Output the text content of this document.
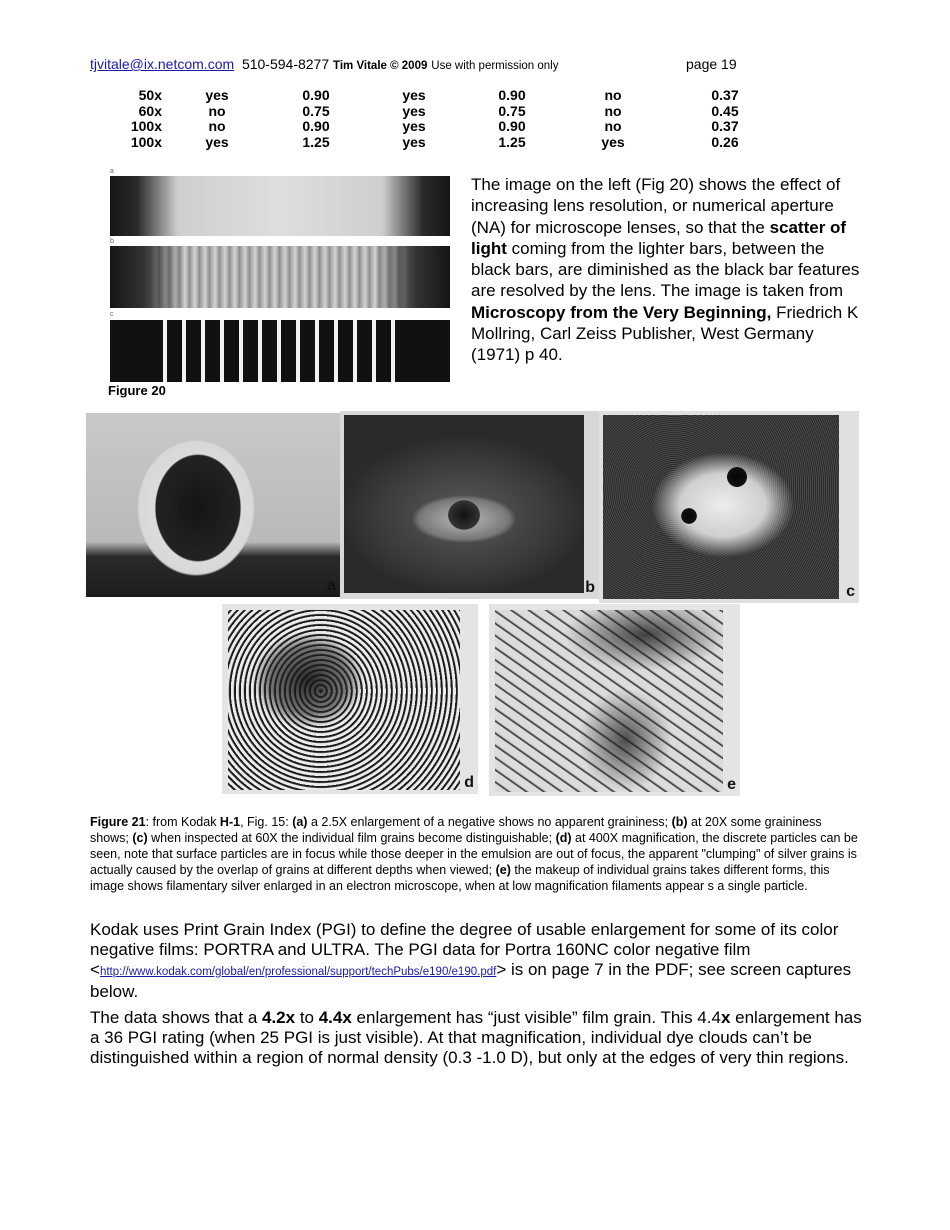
tjvitale@ix.netcom.com 510-594-8277 Tim Vitale © 2009 Use with permission only	page 19
50x	yes	0.90	yes	0.90	no	0.37
60x	no	0.75	yes	0.75	no	0.45
100x	no	0.90	yes	0.90	no	0.37
100x	yes	1.25	yes	1.25	yes	0.26
a
b
c
Figure 20
The image on the left (Fig 20) shows the effect of increasing lens resolution, or numerical aperture (NA) for microscope lenses, so that the scatter of light coming from the lighter bars, between the black bars, are diminished as the black bar features are resolved by the lens. The image is taken from Microscopy from the Very Beginning, Friedrich K Mollring, Carl Zeiss Publisher, West Germany (1971) p 40.
a	b	c
d	e
Figure 21: from Kodak H-1, Fig. 15: (a) a 2.5X enlargement of a negative shows no apparent graininess; (b) at 20X some graininess shows; (c) when inspected at 60X the individual film grains become distinguishable; (d) at 400X magnification, the discrete particles can be seen, note that surface particles are in focus while those deeper in the emulsion are out of focus, the apparent "clumping" of silver grains is actually caused by the overlap of grains at different depths when viewed; (e) the makeup of individual grains takes different forms, this image shows filamentary silver enlarged in an electron microscope, when at low magnification filaments appear s a single particle.
Kodak uses Print Grain Index (PGI) to define the degree of usable enlargement for some of its color negative films: PORTRA and ULTRA. The PGI data for Portra 160NC color negative film <http://www.kodak.com/global/en/professional/support/techPubs/e190/e190.pdf> is on page 7 in the PDF; see screen captures below.
The data shows that a 4.2x to 4.4x enlargement has “just visible” film grain. This 4.4x enlargement has a 36 PGI rating (when 25 PGI is just visible). At that magnification, individual dye clouds can’t be distinguished within a region of normal density (0.3 -1.0 D), but only at the edges of very thin regions.
